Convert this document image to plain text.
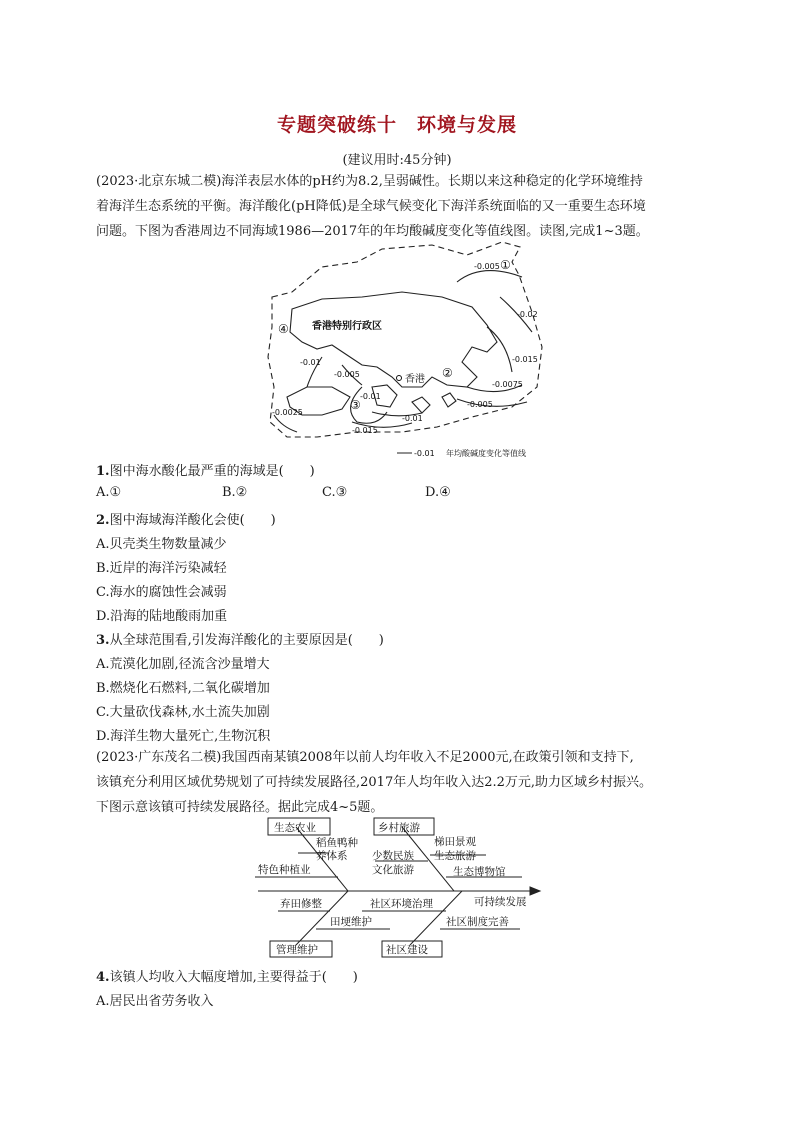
专题突破练十　环境与发展
(建议用时:45分钟)
(2023·北京东城二模)海洋表层水体的pH约为8.2,呈弱碱性。长期以来这种稳定的化学环境维持
着海洋生态系统的平衡。海洋酸化(pH降低)是全球气候变化下海洋系统面临的又一重要生态环境
问题。下图为香港周边不同海域1986—2017年的年均酸碱度变化等值线图。读图,完成1~3题。
-0.005
-0.02
-0.015
-0.01
-0.005
-0.0075
-0.005
-0.01
-0.0025
-0.015
-0.01
香港特别行政区
香港
①
②
③
④
-0.01 年均酸碱度变化等值线
1.图中海水酸化最严重的海域是(　　)
A.①	B.②	C.③	D.④
2.图中海域海洋酸化会使(　　)
A.贝壳类生物数量减少
B.近岸的海洋污染减轻
C.海水的腐蚀性会减弱
D.沿海的陆地酸雨加重
3.从全球范围看,引发海洋酸化的主要原因是(　　)
A.荒漠化加剧,径流含沙量增大
B.燃烧化石燃料,二氧化碳增加
C.大量砍伐森林,水土流失加剧
D.海洋生物大量死亡,生物沉积
(2023·广东茂名二模)我国西南某镇2008年以前人均年收入不足2000元,在政策引领和支持下,
该镇充分利用区域优势规划了可持续发展路径,2017年人均年收入达2.2万元,助力区域乡村振兴。
下图示意该镇可持续发展路径。据此完成4~5题。
生态农业	乡村旅游
管理维护	社区建设
稻鱼鸭种
养体系
特色种植业
少数民族
文化旅游
梯田景观
生态旅游
生态博物馆
可持续发展
弃田修整
田埂维护
社区环境治理
社区制度完善
4.该镇人均收入大幅度增加,主要得益于(　　)
A.居民出省劳务收入
